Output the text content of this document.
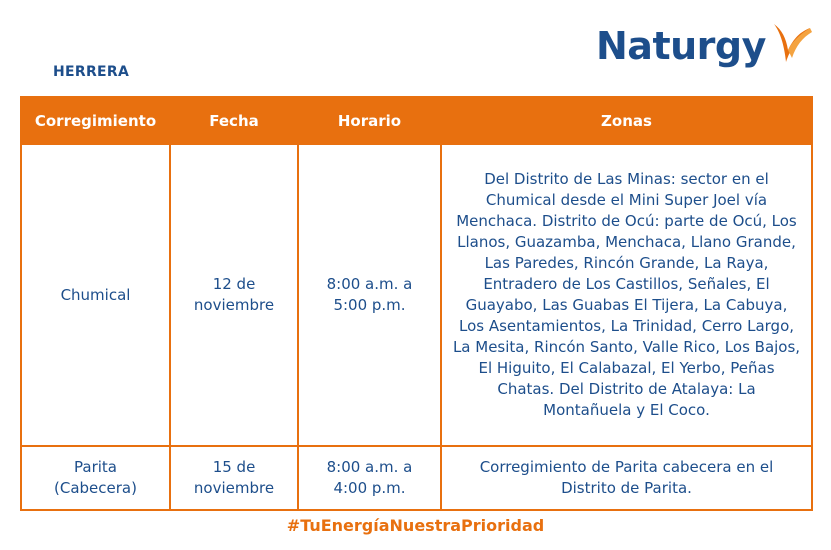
HERRERA
Naturgy
Corregimiento	Fecha	Horario	Zonas
Chumical	12 de noviembre	8:00 a.m. a 5:00 p.m.	Del Distrito de Las Minas: sector en el Chumical desde el Mini Super Joel vía Menchaca. Distrito de Ocú: parte de Ocú, Los Llanos, Guazamba, Menchaca, Llano Grande, Las Paredes, Rincón Grande, La Raya, Entradero de Los Castillos, Señales, El Guayabo, Las Guabas El Tijera, La Cabuya, Los Asentamientos, La Trinidad, Cerro Largo, La Mesita, Rincón Santo, Valle Rico, Los Bajos, El Higuito, El Calabazal, El Yerbo, Peñas Chatas. Del Distrito de Atalaya: La Montañuela y El Coco.
Parita (Cabecera)	15 de noviembre	8:00 a.m. a 4:00 p.m.	Corregimiento de Parita cabecera en el Distrito de Parita.
#TuEnergíaNuestraPrioridad
